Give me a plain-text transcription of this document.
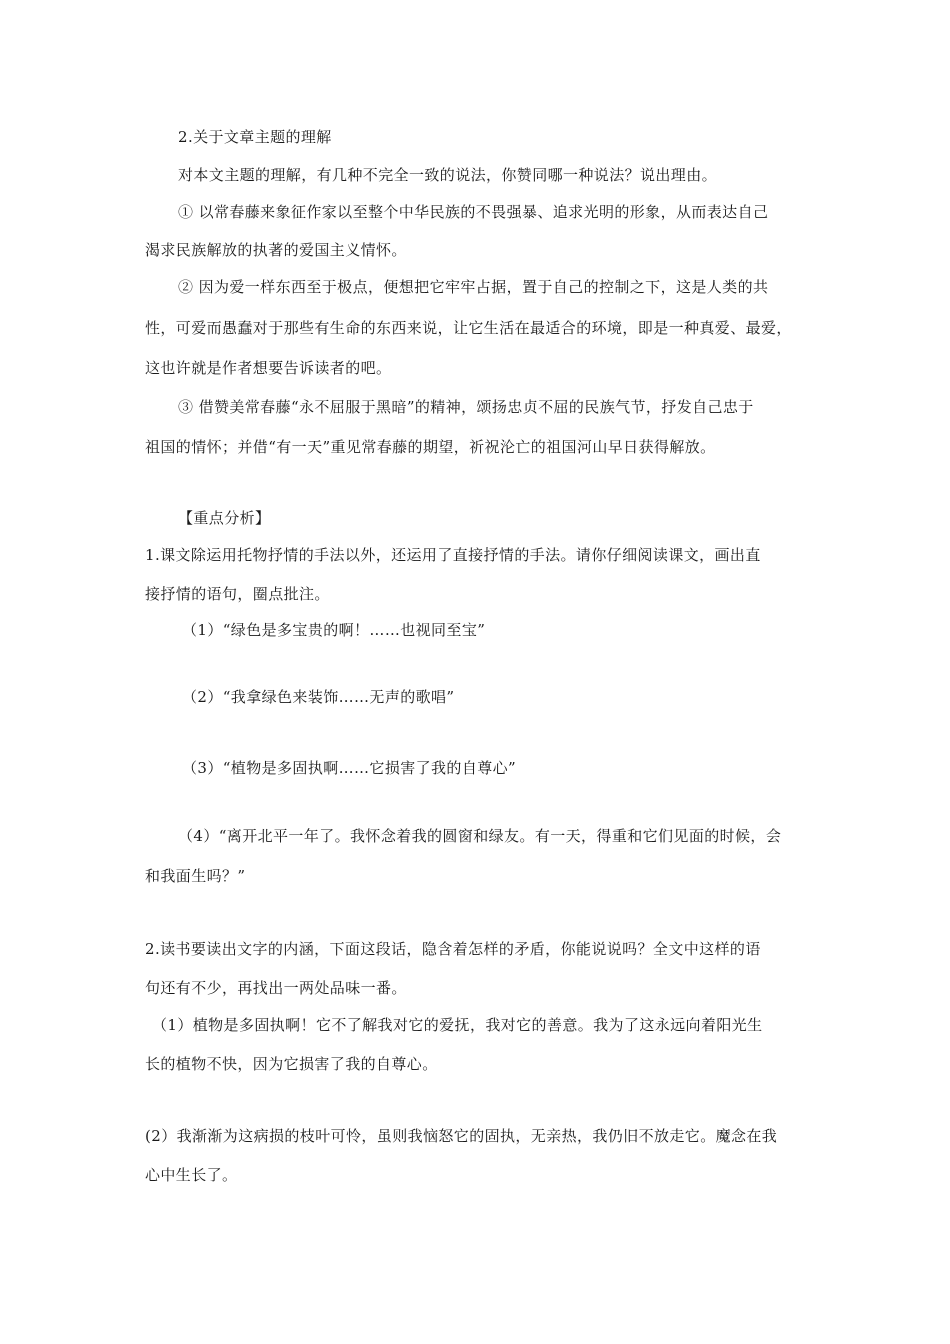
2.关于文章主题的理解
对本文主题的理解，有几种不完全一致的说法，你赞同哪一种说法？说出理由。
① 以常春藤来象征作家以至整个中华民族的不畏强暴、追求光明的形象，从而表达自己
渴求民族解放的执著的爱国主义情怀。
② 因为爱一样东西至于极点，便想把它牢牢占据，置于自己的控制之下，这是人类的共
性，可爱而愚蠢对于那些有生命的东西来说，让它生活在最适合的环境，即是一种真爱、最爱，
这也许就是作者想要告诉读者的吧。
③ 借赞美常春藤“永不屈服于黑暗”的精神，颂扬忠贞不屈的民族气节，抒发自己忠于
祖国的情怀；并借“有一天”重见常春藤的期望，祈祝沦亡的祖国河山早日获得解放。
【重点分析】
1.课文除运用托物抒情的手法以外，还运用了直接抒情的手法。请你仔细阅读课文，画出直
接抒情的语句，圈点批注。
（1）“绿色是多宝贵的啊！……也视同至宝”
（2）“我拿绿色来装饰……无声的歌唱”
（3）“植物是多固执啊……它损害了我的自尊心”
（4）“离开北平一年了。我怀念着我的圆窗和绿友。有一天，得重和它们见面的时候，会
和我面生吗？”
2.读书要读出文字的内涵，下面这段话，隐含着怎样的矛盾，你能说说吗？全文中这样的语
句还有不少，再找出一两处品味一番。
（1）植物是多固执啊！它不了解我对它的爱抚，我对它的善意。我为了这永远向着阳光生
长的植物不快，因为它损害了我的自尊心。
(2）我渐渐为这病损的枝叶可怜，虽则我恼怒它的固执，无亲热，我仍旧不放走它。魔念在我
心中生长了。
